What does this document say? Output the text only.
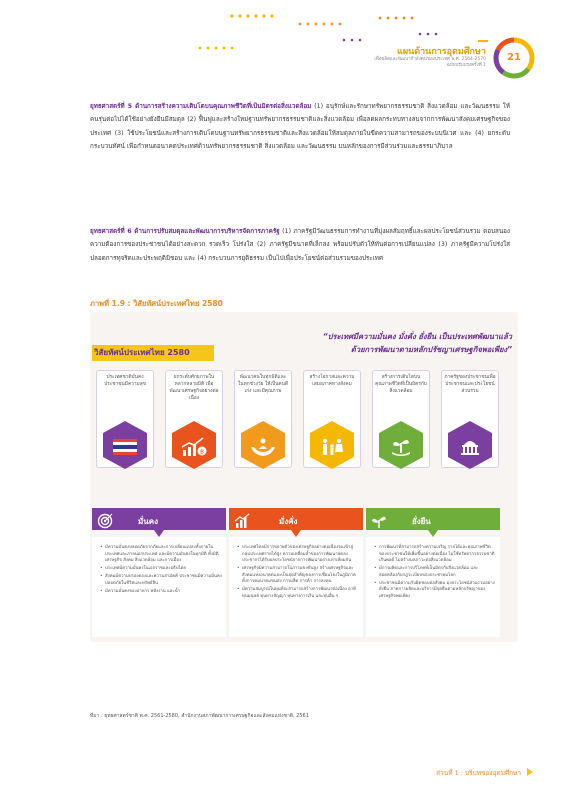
แผนด้านการอุดมศึกษา
เพื่อผลิตและพัฒนากำลังคนของประเทศ พ.ศ. 2564-2570
ฉบับปรับปรุงครั้งที่ 1
21
ยุทธศาสตร์ที่ 5 ด้านการสร้างความเติบโตบนคุณภาพชีวิตที่เป็นมิตรต่อสิ่งแวดล้อม (1) อนุรักษ์และรักษาทรัพยากรธรรมชาติ สิ่งแวดล้อม และวัฒนธรรม ให้คนรุ่นต่อไปได้ใช้อย่างยั่งยืนมีสมดุล (2) ฟื้นฟูและสร้างใหม่ฐานทรัพยากรธรรมชาติและสิ่งแวดล้อม เพื่อลดผลกระทบทางลบจากการพัฒนาสังคมเศรษฐกิจของประเทศ (3) ใช้ประโยชน์และสร้างการเติบโตบนฐานทรัพยากรธรรมชาติและสิ่งแวดล้อมให้สมดุลภายในขีดความสามารถของระบบนิเวศ และ (4) ยกระดับกระบวนทัศน์ เพื่อกำหนดอนาคตประเทศด้านทรัพยากรธรรมชาติ สิ่งแวดล้อม และวัฒนธรรม บนหลักของการมีส่วนร่วมและธรรมาภิบาล
ยุทธศาสตร์ที่ 6 ด้านการปรับสมดุลและพัฒนาการบริหารจัดการภาครัฐ (1) ภาครัฐมีวัฒนธรรมการทำงานที่มุ่งผลสัมฤทธิ์และผลประโยชน์ส่วนรวม ตอบสนองความต้องการของประชาชนได้อย่างสะดวก รวดเร็ว โปร่งใส (2) ภาครัฐมีขนาดที่เล็กลง พร้อมปรับตัวให้ทันต่อการเปลี่ยนแปลง (3) ภาครัฐมีความโปร่งใส ปลอดการทุจริตและประพฤติมิชอบ และ (4) กระบวนการยุติธรรม เป็นไปเพื่อประโยชน์ต่อส่วนรวมของประเทศ
ภาพที่ 1.9 : วิสัยทัศน์ประเทศไทย 2580
วิสัยทัศน์ประเทศไทย 2580
“ประเทศมีความมั่นคง มั่งคั่ง ยั่งยืน เป็นประเทศพัฒนาแล้ว
ด้วยการพัฒนาตามหลักปรัชญาเศรษฐกิจพอเพียง”
ประเทศชาติมั่นคง ประชาชนมีความสุข
ยกระดับศักยภาพในหลากหลายมิติ เพื่อพัฒนาเศรษฐกิจอย่างต่อเนื่อง
พัฒนาคนในทุกมิติและในทุกช่วงวัย ให้เป็นคนดี เก่ง และมีคุณภาพ
สร้างโอกาสและความเสมอภาคทางสังคม
สร้างการเติบโตบนคุณภาพชีวิตที่เป็นมิตรกับสิ่งแวดล้อม
ภาครัฐของประชาชนเพื่อประชาชนและประโยชน์ส่วนรวม
฿
มั่นคง	มั่งคั่ง	ยั่งยืน
• มีความมั่นคงปลอดภัยจากภัยและการเปลี่ยนแปลงทั้งภายในประเทศและภายนอกประเทศ และมีความมั่นคงในทุกมิติ ทั้งมิติเศรษฐกิจ สังคม สิ่งแวดล้อม และการเมือง
• ประเทศมีความมั่นคงในเอกราชและอธิปไตย
• สังคมมีความปรองดองและความสามัคคี ประชาชนมีความมั่นคงปลอดภัยในชีวิตและทรัพย์สิน
• มีความมั่นคงของอาหาร พลังงาน และน้ำ
• ประเทศไทยมีการขยายตัวของเศรษฐกิจอย่างต่อเนื่องจนเข้าสู่กลุ่มประเทศรายได้สูง ความเหลื่อมล้ำของการพัฒนาลดลง ประชากรได้รับผลประโยชน์จากการพัฒนาอย่างเท่าเทียมกัน
• เศรษฐกิจมีความสามารถในการแข่งขันสูง สร้างเศรษฐกิจและสังคมแห่งอนาคตและเป็นจุดสำคัญของการเชื่อมโยงในภูมิภาคทั้งการคมนาคมขนส่ง การผลิต การค้า การลงทุน
• มีความสมบูรณ์ในทุนที่จะสามารถสร้างการพัฒนาต่อเนื่อง อาทิ ทุนมนุษย์ ทุนทางปัญญา ทุนทางการเงิน และทุนอื่น ๆ
• การพัฒนาที่สามารถสร้างความเจริญ รายได้และคุณภาพชีวิตของประชาชนให้เพิ่มขึ้นอย่างต่อเนื่อง ไม่ใช้ทรัพยากรธรรมชาติเกินพอดี ไม่สร้างมลภาวะต่อสิ่งแวดล้อม
• มีการผลิตและการบริโภคที่เป็นมิตรกับสิ่งแวดล้อม และสอดคล้องกับกฎระเบียบของประชาคมโลก
• ประชาชนมีความรับผิดชอบต่อสังคม มุ่งประโยชน์ส่วนรวมอย่างยั่งยืน ภาคการผลิตและบริการมีจุดยืนตามหลักปรัชญาของเศรษฐกิจพอเพียง
ที่มา : ยุทธศาสตร์ชาติ พ.ศ. 2561-2580, สำนักงานสภาพัฒนาการเศรษฐกิจและสังคมแห่งชาติ, 2561
ส่วนที่ 1 : บริบทของอุดมศึกษา
